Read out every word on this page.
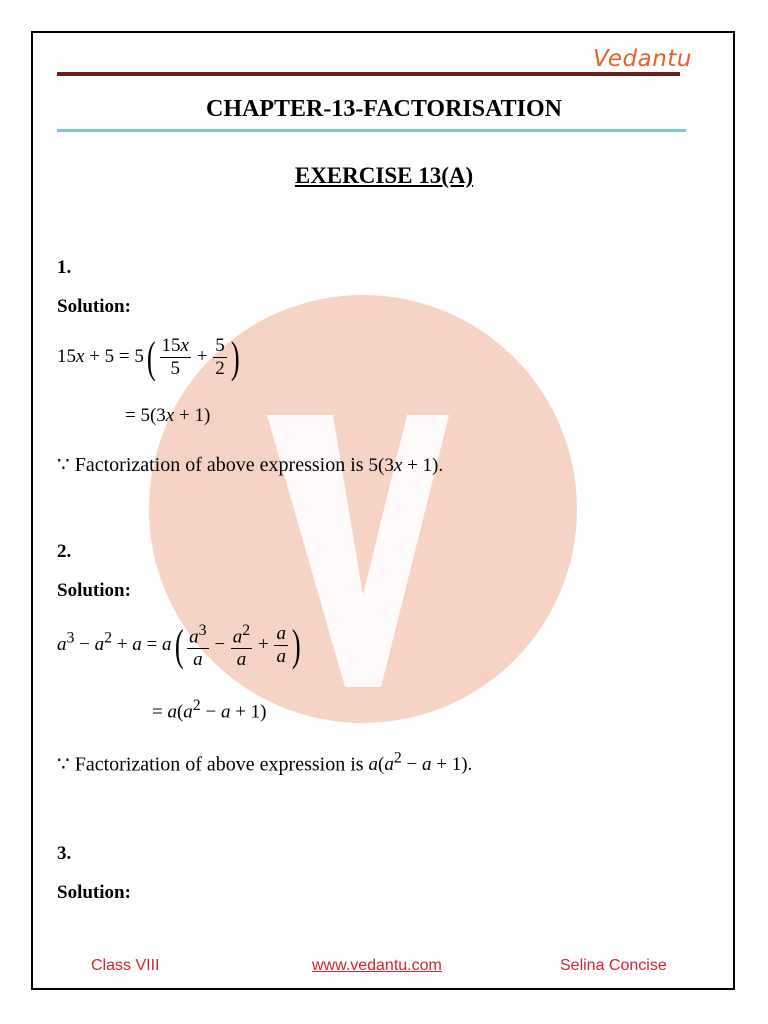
Vedantu
CHAPTER-13-FACTORISATION
EXERCISE 13(A)
1.
Solution:
$15x + 5 = 5( \frac{15x}{5} + \frac{5}{2}$ )
= 5(3x + 1)
∵ Factorization of above expression is 5(3x + 1).
2.
Solution:
$a^3 - a^2 + a = a( \frac{a^3}{a} - \frac{a^2}{a} + \frac{a}{a}$ )
= $a(a^2 - a + 1)$
∵ Factorization of above expression is $a(a^2 - a + 1)$.
3.
Solution:
Class VIII	www.vedantu.com	Selina Concise
